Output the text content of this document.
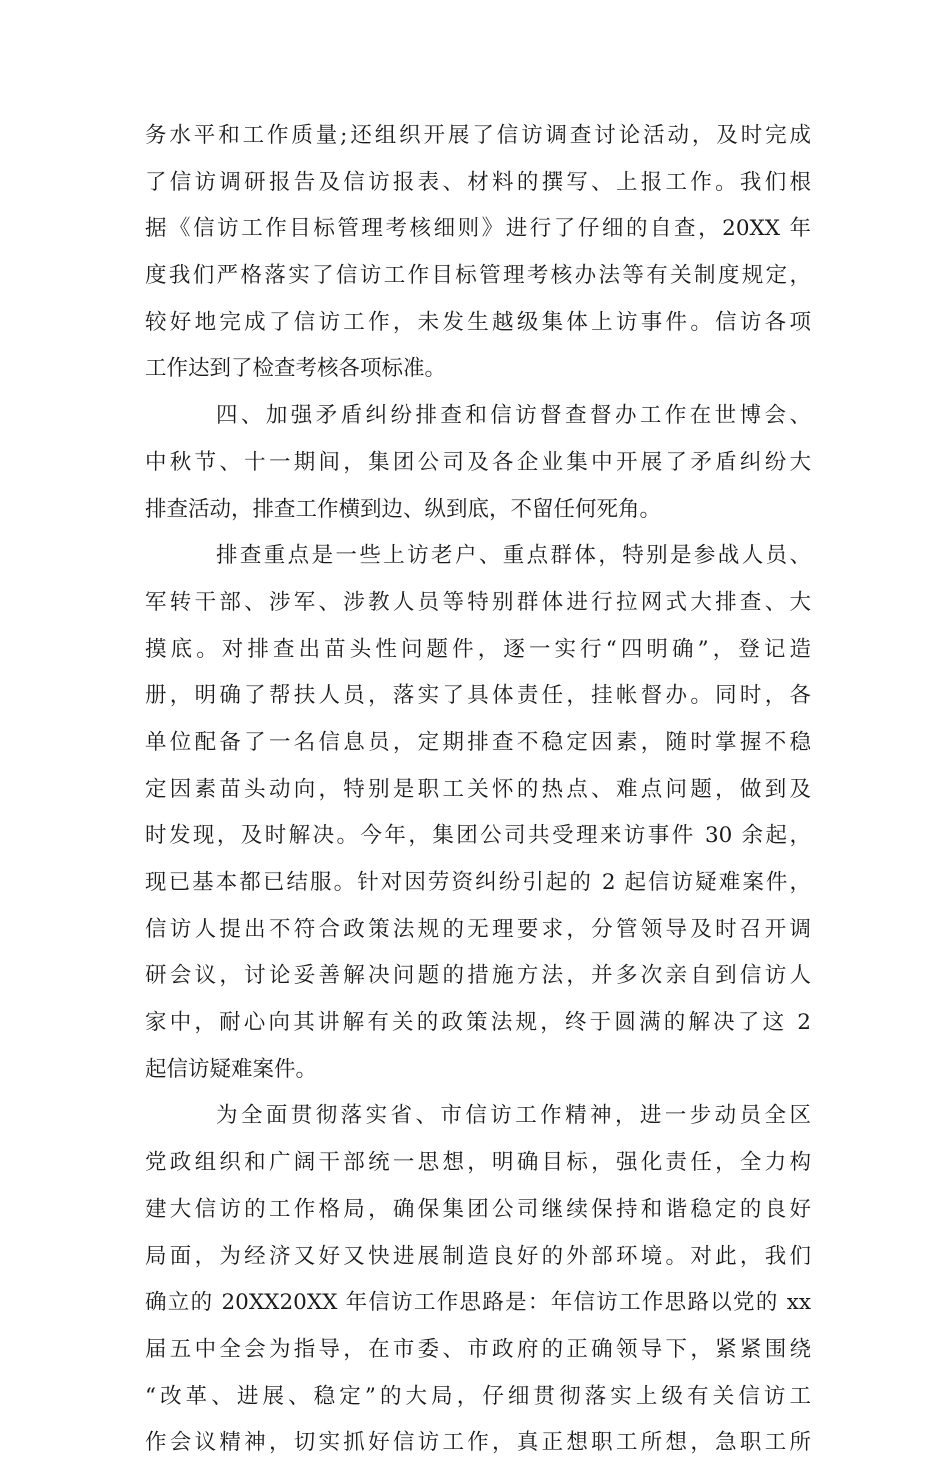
务水平和工作质量;还组织开展了信访调查讨论活动，及时完成
了信访调研报告及信访报表、材料的撰写、上报工作。我们根
据《信访工作目标管理考核细则》进行了仔细的自查，20XX 年
度我们严格落实了信访工作目标管理考核办法等有关制度规定，
较好地完成了信访工作，未发生越级集体上访事件。信访各项
工作达到了检查考核各项标准。
四、加强矛盾纠纷排查和信访督查督办工作在世博会、
中秋节、十一期间，集团公司及各企业集中开展了矛盾纠纷大
排查活动，排查工作横到边、纵到底，不留任何死角。
排查重点是一些上访老户、重点群体，特别是参战人员、
军转干部、涉军、涉教人员等特别群体进行拉网式大排查、大
摸底。对排查出苗头性问题件，逐一实行“四明确”，登记造
册，明确了帮扶人员，落实了具体责任，挂帐督办。同时，各
单位配备了一名信息员，定期排查不稳定因素，随时掌握不稳
定因素苗头动向，特别是职工关怀的热点、难点问题，做到及
时发现，及时解决。今年，集团公司共受理来访事件 30 余起，
现已基本都已结服。针对因劳资纠纷引起的 2 起信访疑难案件，
信访人提出不符合政策法规的无理要求，分管领导及时召开调
研会议，讨论妥善解决问题的措施方法，并多次亲自到信访人
家中，耐心向其讲解有关的政策法规，终于圆满的解决了这 2
起信访疑难案件。
为全面贯彻落实省、市信访工作精神，进一步动员全区
党政组织和广阔干部统一思想，明确目标，强化责任，全力构
建大信访的工作格局，确保集团公司继续保持和谐稳定的良好
局面，为经济又好又快进展制造良好的外部环境。对此，我们
确立的 20XX20XX 年信访工作思路是：年信访工作思路以党的 xx
届五中全会为指导，在市委、市政府的正确领导下，紧紧围绕
“改革、进展、稳定”的大局，仔细贯彻落实上级有关信访工
作会议精神，切实抓好信访工作，真正想职工所想，急职工所
